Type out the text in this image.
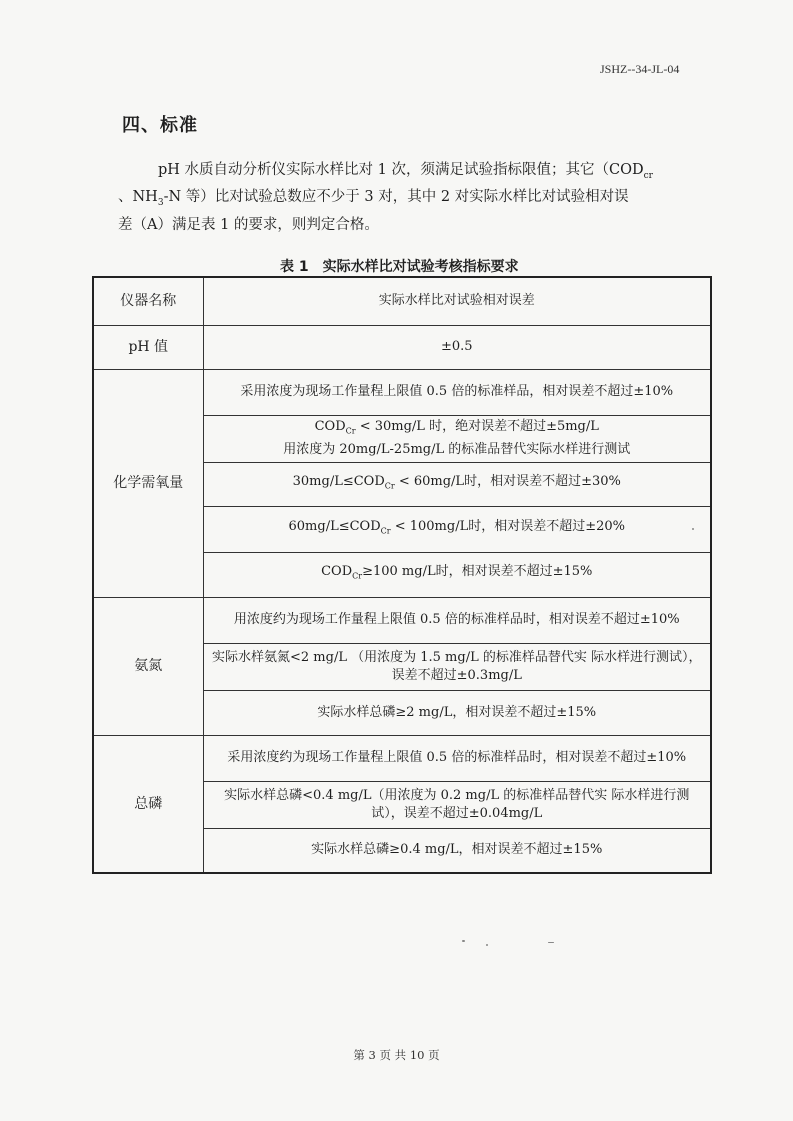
JSHZ--34-JL-04
四、标准
pH 水质自动分析仪实际水样比对 1 次，须满足试验指标限值；其它（$COD_{cr}$
、$NH_3-N$ 等）比对试验总数应不少于 3 对，其中 2 对实际水样比对试验相对误
差（A）满足表 1 的要求，则判定合格。
表 1　实际水样比对试验考核指标要求
仪器名称	实际水样比对试验相对误差
pH 值	±0.5
化学需氧量	采用浓度为现场工作量程上限值 0.5 倍的标准样品，相对误差不超过±10%
	$COD_{Cr} < 30mg/L$ 时，绝对误差不超过±5mg/L
用浓度为 20mg/L-25mg/L 的标准品替代实际水样进行测试
	$30mg/L\le COD_{Cr} < 60mg/L$时，相对误差不超过±30%
	$60mg/L\le COD_{Cr} < 100mg/L$时，相对误差不超过±20%
	$COD_{Cr}\ge 100$ mg/L时，相对误差不超过±15%
氨氮	用浓度约为现场工作量程上限值 0.5 倍的标准样品时，相对误差不超过±10%
	实际水样氨氮<2 mg/L （用浓度为 1.5 mg/L 的标准样品替代实 际水样进行测试），误差不超过±0.3mg/L
	实际水样总磷≥2 mg/L，相对误差不超过±15%
总磷	采用浓度约为现场工作量程上限值 0.5 倍的标准样品时，相对误差不超过±10%
	实际水样总磷<0.4 mg/L（用浓度为 0.2 mg/L 的标准样品替代实 际水样进行测试），误差不超过±0.04mg/L
	实际水样总磷≥0.4 mg/L，相对误差不超过±15%
第 3 页 共 10 页
